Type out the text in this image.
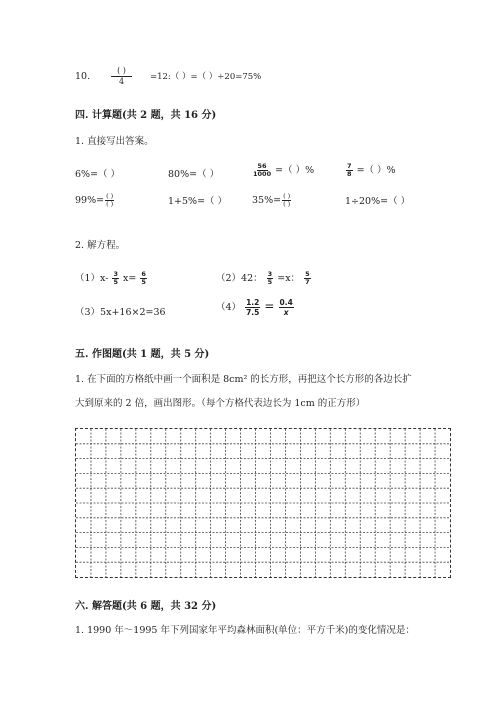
10.	$\frac{( )}{4}$ =12:（ ）=（ ）÷20=75%
四. 计算题(共 2 题，共 16 分)
1. 直接写出答案。
6%=（ ）	80%=（ ）	$\frac{56}{1000}$ =（ ）%	$\frac{7}{8}$ =（ ）%
$99\%= \frac{( )}{( )}$	1+5%=（ ）	$35\%= \frac{( )}{( )}$	1÷20%=（ ）
2. 解方程。
$(1)x- \frac{3}{5} x= \frac{6}{5}$	（2）42： $\frac{3}{5} =x$： $\frac{5}{7}$
（3）5x+16×2=36	$(4) \frac{1.2}{7.5} = \frac{0.4}{x}$
五. 作图题(共 1 题，共 5 分)
1. 在下面的方格纸中画一个面积是 8cm² 的长方形，再把这个长方形的各边长扩
大到原来的 2 倍，画出图形。（每个方格代表边长为 1cm 的正方形）
六. 解答题(共 6 题，共 32 分)
1. 1990 年～1995 年下列国家年平均森林面积(单位：平方千米)的变化情况是：
